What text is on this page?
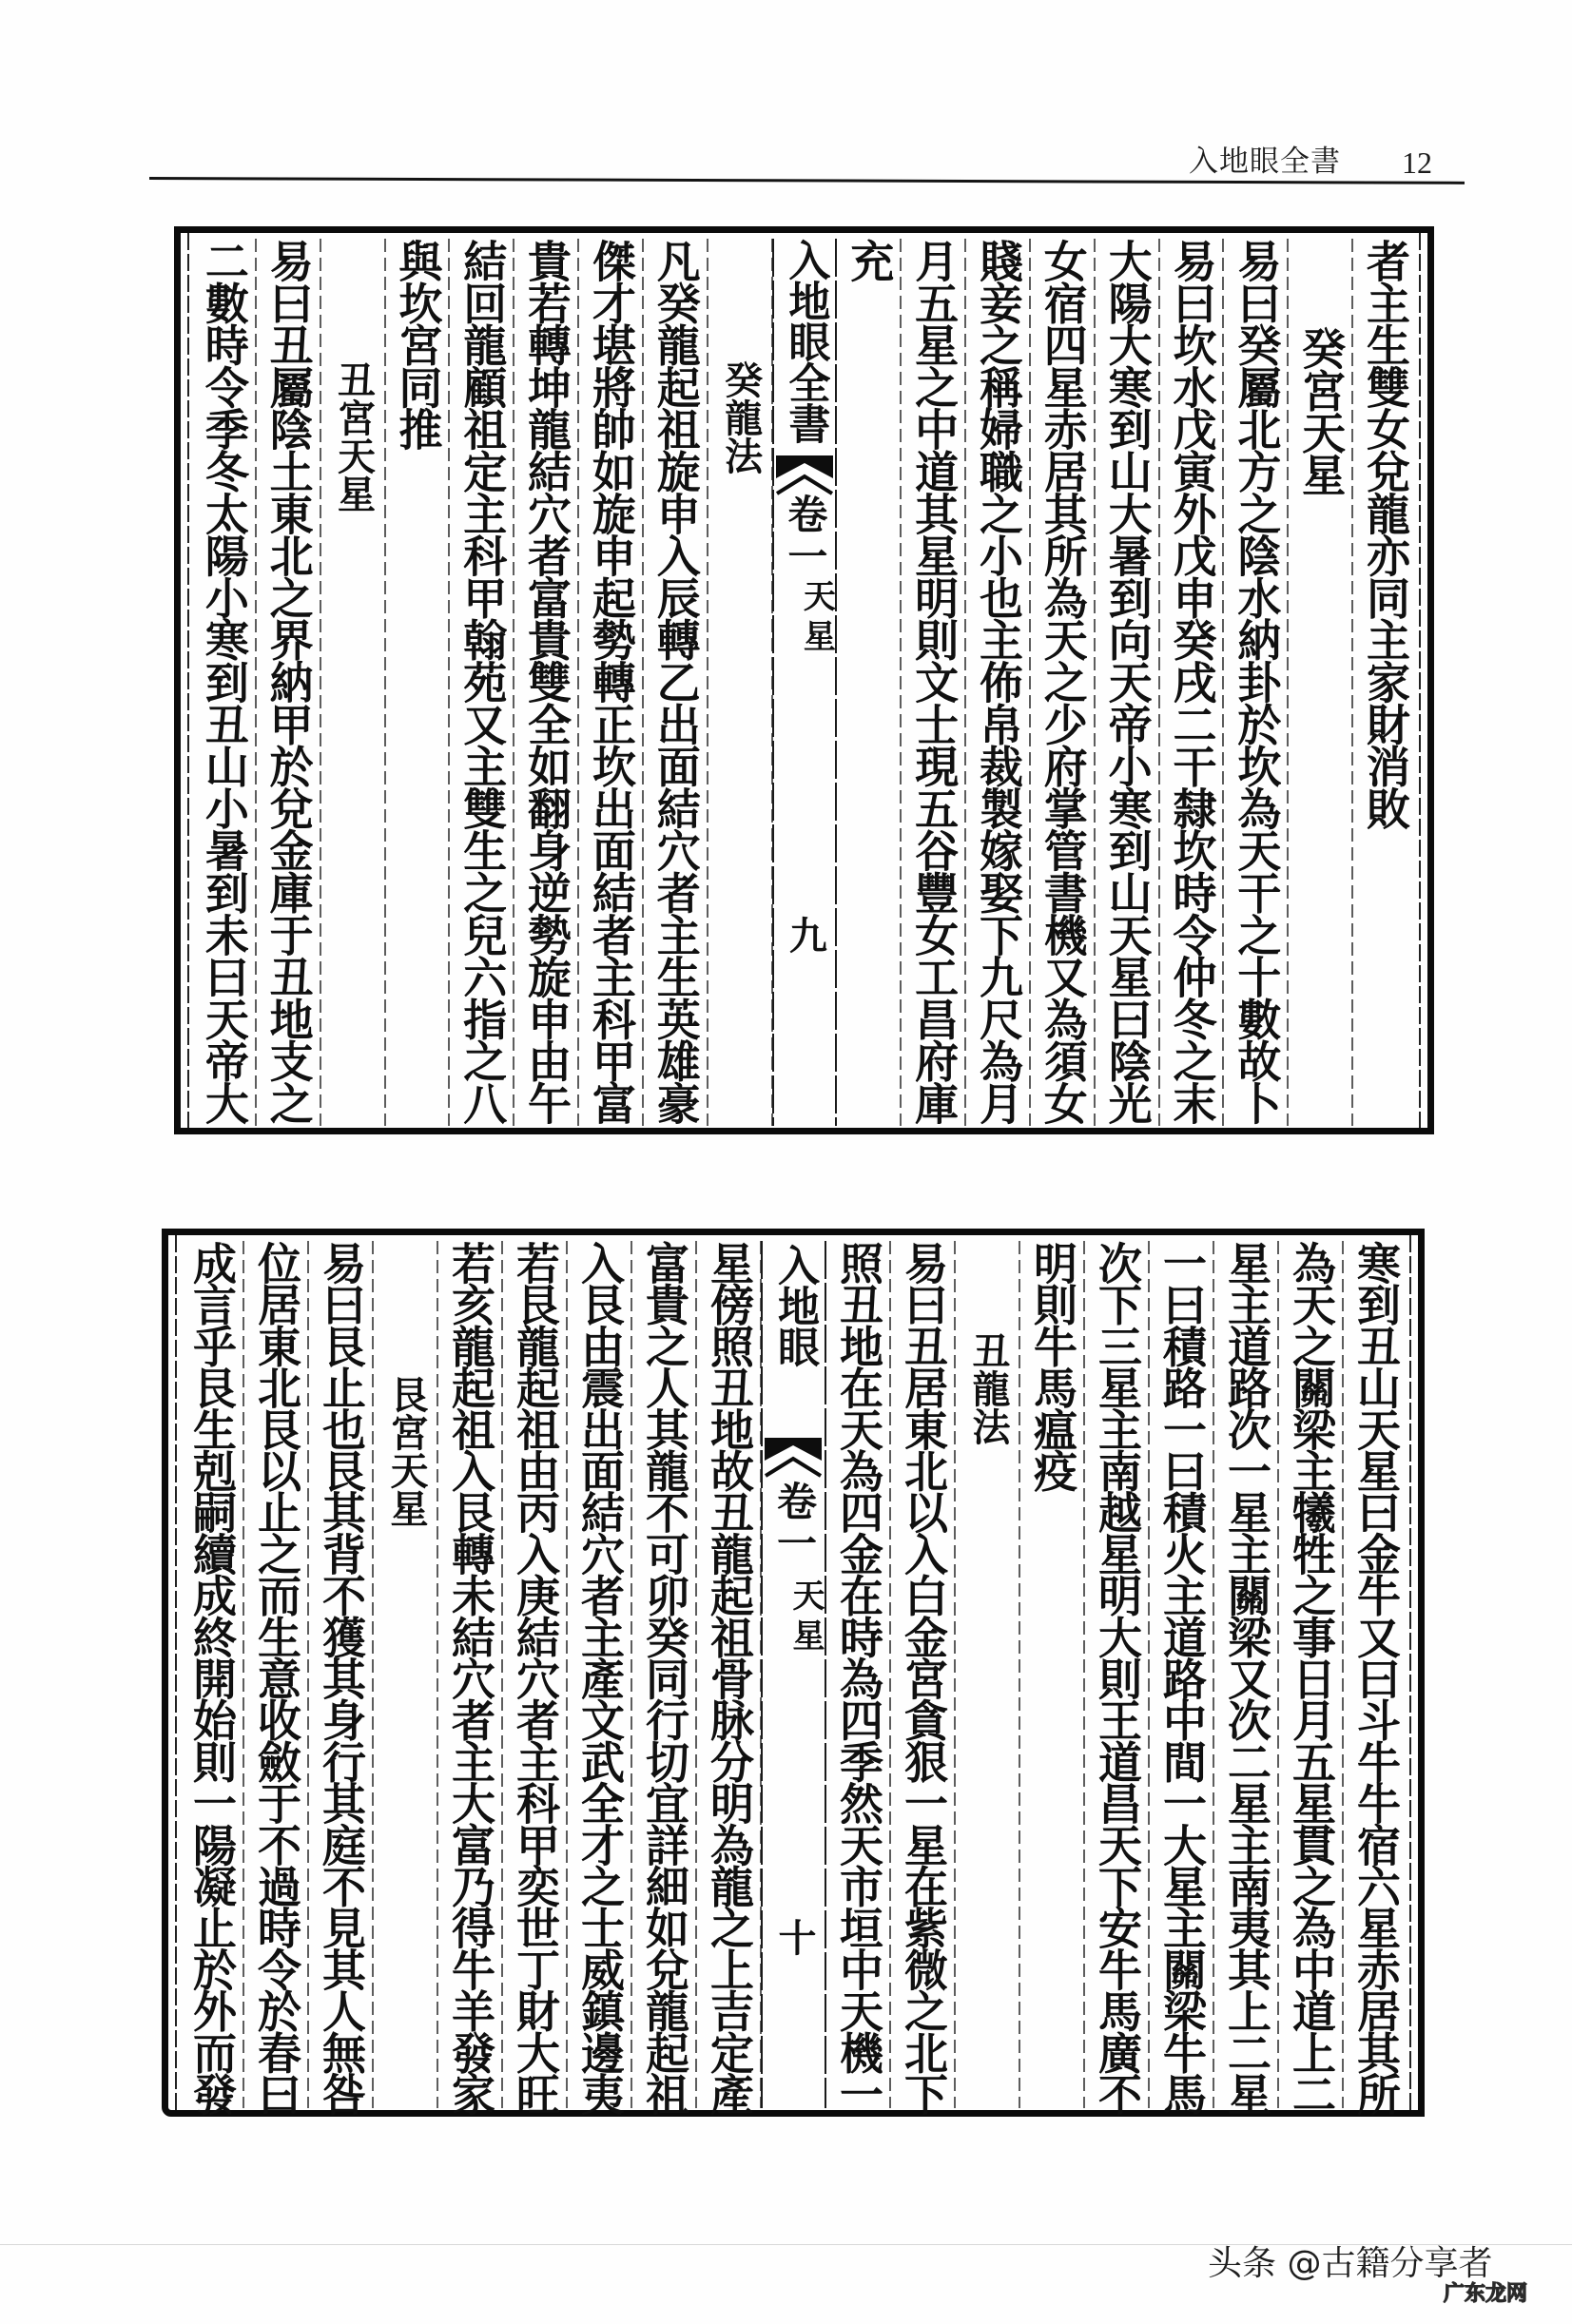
入地眼全書 12
者主生雙女兌龍亦同主家財消敗
癸宮天星
易曰癸屬北方之陰水納卦於坎為天干之十數故卜
易曰坎水戊寅外戊申癸戌二干隸坎時令仲冬之末
大陽大寒到山大暑到向天帝小寒到山天星曰陰光
女宿四星赤居其所為天之少府掌管書機又為須女
賤妾之稱婦職之小也主佈帛裁製嫁娶下九尺為月
月五星之中道其星明則文士現五谷豐女工昌府庫
充
入地眼全書
卷一
天星
九
癸龍法
凡癸龍起祖旋申入辰轉乙出面結穴者主生英雄豪
傑才堪將帥如旋申起勢轉正坎出面結者主科甲富
貴若轉坤龍結穴者富貴雙全如翻身逆勢旋申由午
結回龍顧祖定主科甲翰苑又主雙生之兒六指之八
與坎宮同推
丑宮天星
易曰丑屬陰土東北之界納甲於兌金庫于丑地支之
二數時令季冬太陽小寒到丑山小暑到未曰天帝大
寒到丑山天星曰金牛又曰斗牛牛宿六星赤居其所
為天之關梁主犧牲之事日月五星貫之為中道上二
星主道路次一星主關梁又次二星主南夷其上二星
一曰積路一曰積火主道路中間一大星主關梁牛馬
次下三星主南越星明大則王道昌天下安牛馬廣不
明則牛馬瘟疫
丑龍法
易曰丑居東北以入白金宮貪狠一星在紫微之北下
照丑地在天為四金在時為四季然天市垣中天機一
入地眼
卷一
天星
十
星傍照丑地故丑龍起祖骨脉分明為龍之上吉定產
富貴之人其龍不可卯癸同行切宜詳細如兌龍起祖
入艮由震出面結穴者主產文武全才之士威鎮邊夷
若艮龍起祖由丙入庚結穴者主科甲奕世丁財大旺
若亥龍起祖入艮轉未結穴者主大富乃得牛羊發家
艮宮天星
易曰艮止也艮其背不獲其身行其庭不見其人無咎
位居東北艮以止之而生意收斂于不過時令於春曰
成言乎艮生剋嗣續成終開始則一陽凝止於外而發
头条 @古籍分享者
广东龙网
